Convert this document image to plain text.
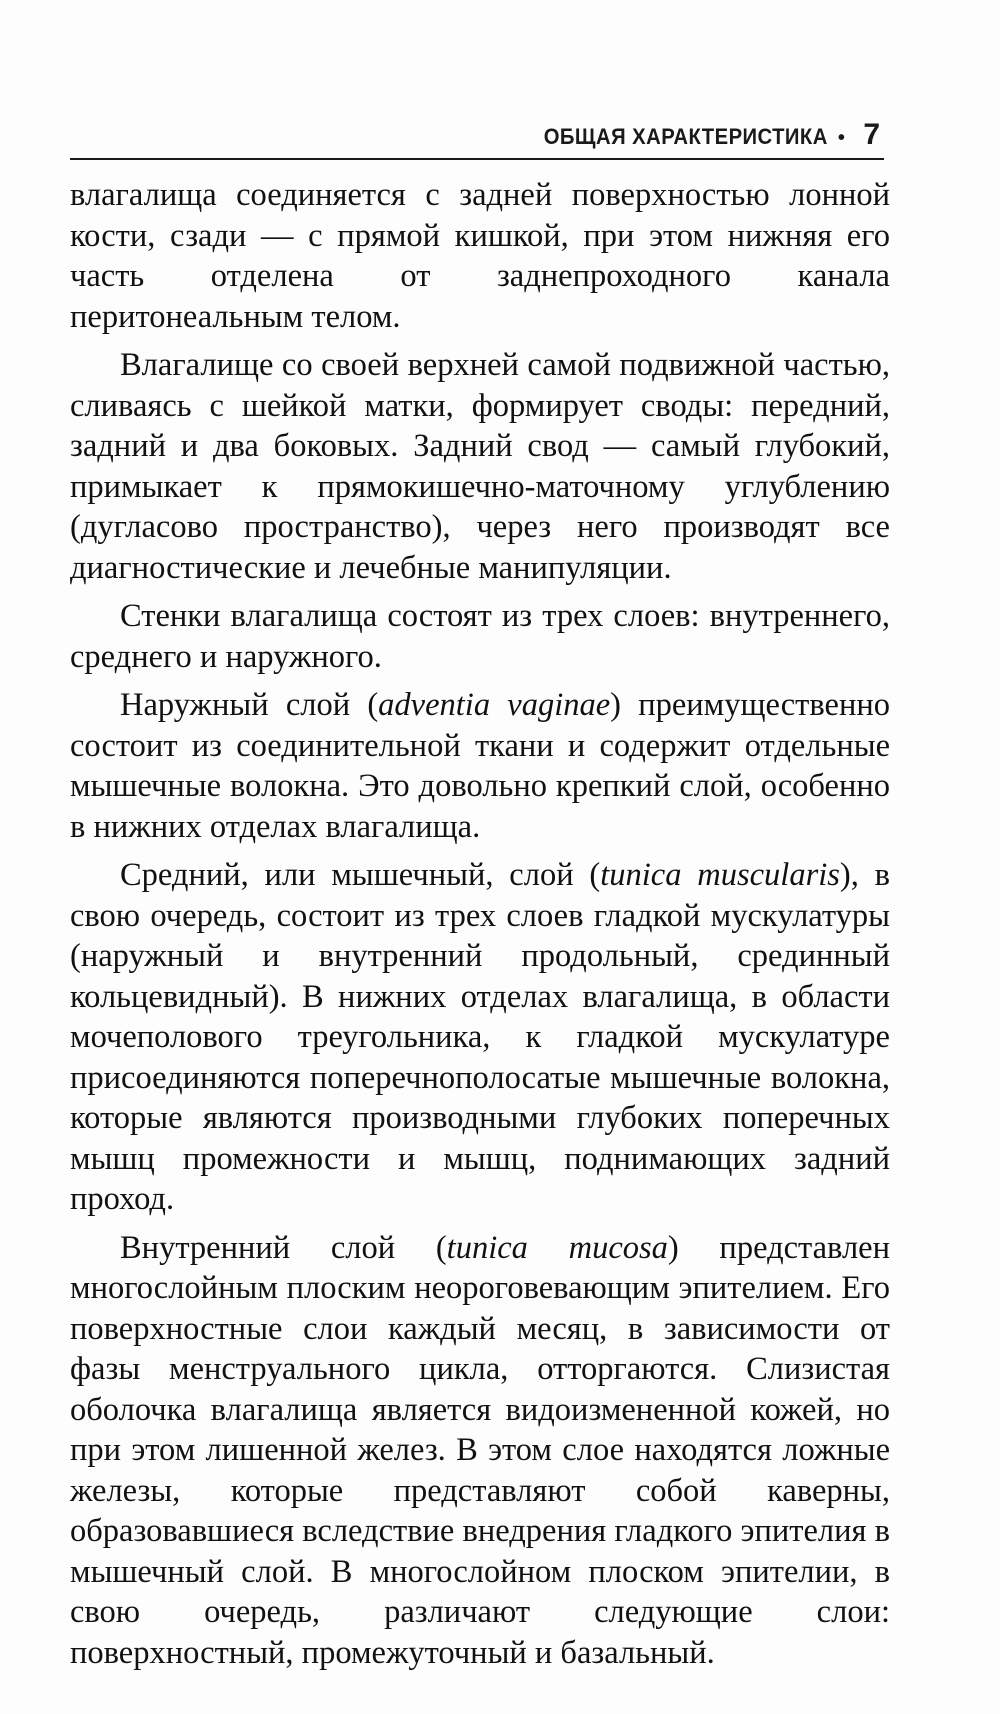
ОБЩАЯ ХАРАКТЕРИСТИКА • 7

влагалища соединяется с задней поверхностью лонной кости, сзади — с прямой кишкой, при этом нижняя его часть отделена от заднепроходного канала перитонеальным телом.

Влагалище со своей верхней самой подвижной частью, сливаясь с шейкой матки, формирует своды: передний, задний и два боковых. Задний свод — самый глубокий, примыкает к прямокишечно-маточному углублению (дугласово пространство), через него производят все диагностические и лечебные манипуляции.

Стенки влагалища состоят из трех слоев: внутреннего, среднего и наружного.

Наружный слой (adventia vaginae) преимущественно состоит из соединительной ткани и содержит отдельные мышечные волокна. Это довольно крепкий слой, особенно в нижних отделах влагалища.

Средний, или мышечный, слой (tunica muscularis), в свою очередь, состоит из трех слоев гладкой мускулатуры (наружный и внутренний продольный, срединный кольцевидный). В нижних отделах влагалища, в области мочеполового треугольника, к гладкой мускулатуре присоединяются поперечнополосатые мышечные волокна, которые являются производными глубоких поперечных мышц промежности и мышц, поднимающих задний проход.

Внутренний слой (tunica mucosa) представлен многослойным плоским неороговевающим эпителием. Его поверхностные слои каждый месяц, в зависимости от фазы менструального цикла, отторгаются. Слизистая оболочка влагалища является видоизмененной кожей, но при этом лишенной желез. В этом слое находятся ложные железы, которые представляют собой каверны, образовавшиеся вследствие внедрения гладкого эпителия в мышечный слой. В многослойном плоском эпителии, в свою очередь, различают следующие слои: поверхностный, промежуточный и базальный.
